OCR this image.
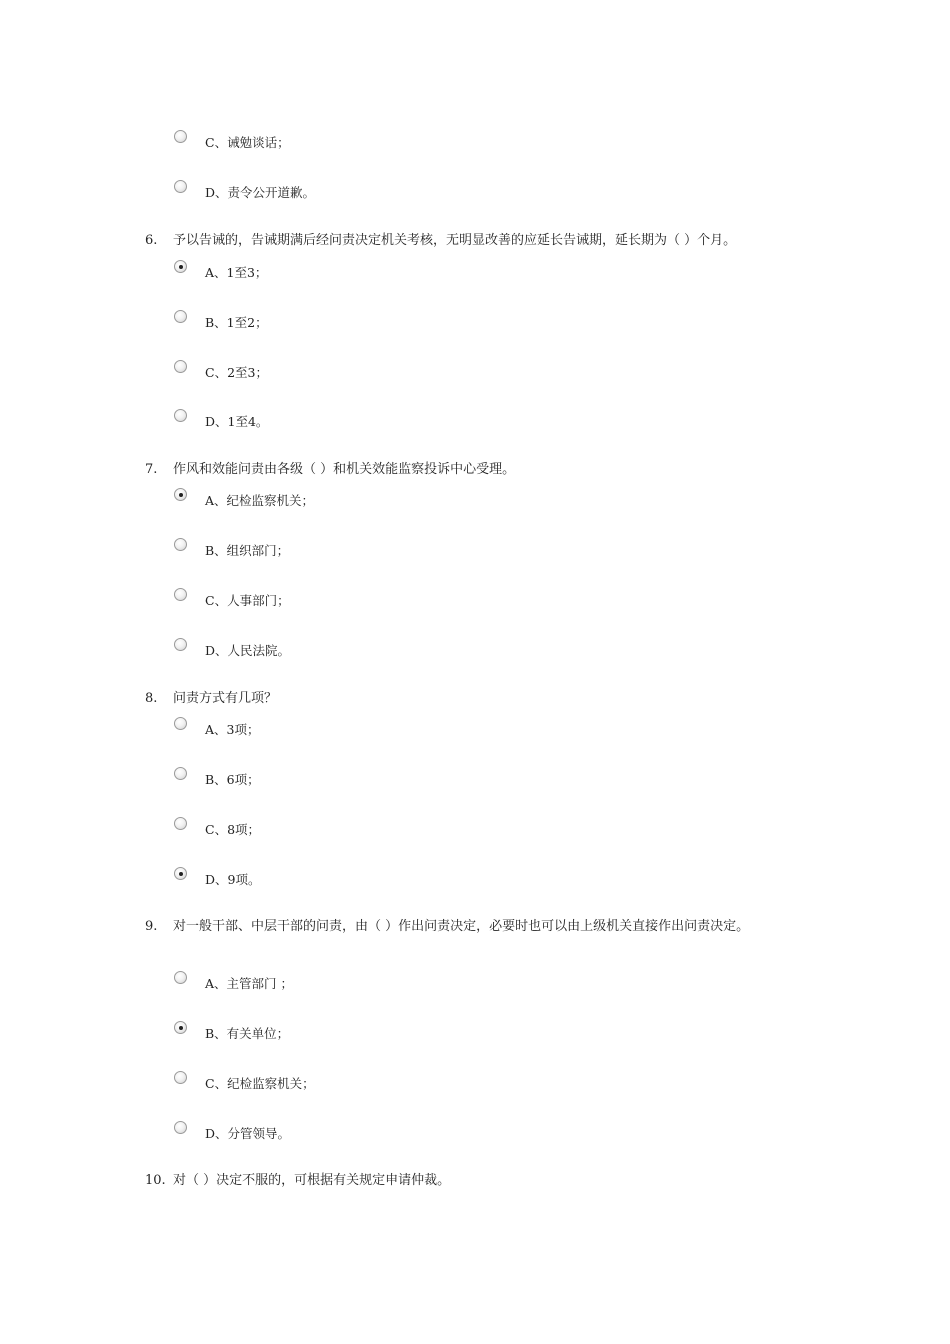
C、诫勉谈话；
D、责令公开道歉。
6. 予以告诫的，告诫期满后经问责决定机关考核，无明显改善的应延长告诫期，延长期为（ ）个月。
A、1至3；
B、1至2；
C、2至3；
D、1至4。
7. 作风和效能问责由各级（ ）和机关效能监察投诉中心受理。
A、纪检监察机关；
B、组织部门；
C、人事部门；
D、人民法院。
8. 问责方式有几项？
A、3项；
B、6项；
C、8项；
D、9项。
9. 对一般干部、中层干部的问责，由（ ）作出问责决定，必要时也可以由上级机关直接作出问责决定。
A、主管部门 ；
B、有关单位；
C、纪检监察机关；
D、分管领导。
10. 对（ ）决定不服的，可根据有关规定申请仲裁。
